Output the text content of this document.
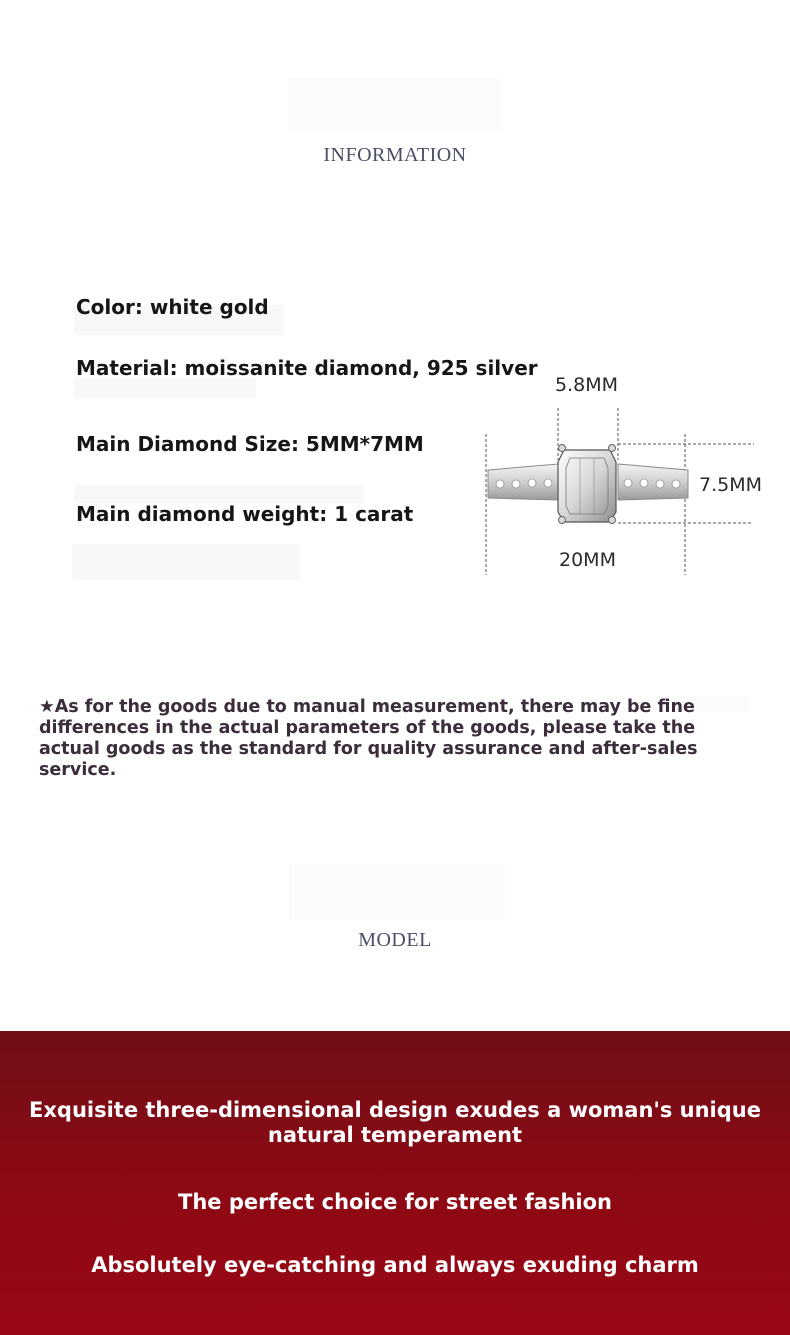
INFORMATION
Color: white gold
Material: moissanite diamond, 925 silver
Main Diamond Size: 5MM*7MM
Main diamond weight: 1 carat
5.8MM
7.5MM
20MM
★As for the goods due to manual measurement, there may be fine differences in the actual parameters of the goods, please take the actual goods as the standard for quality assurance and after-sales service.
MODEL
Exquisite three-dimensional design exudes a woman's unique natural temperament
The perfect choice for street fashion
Absolutely eye-catching and always exuding charm
